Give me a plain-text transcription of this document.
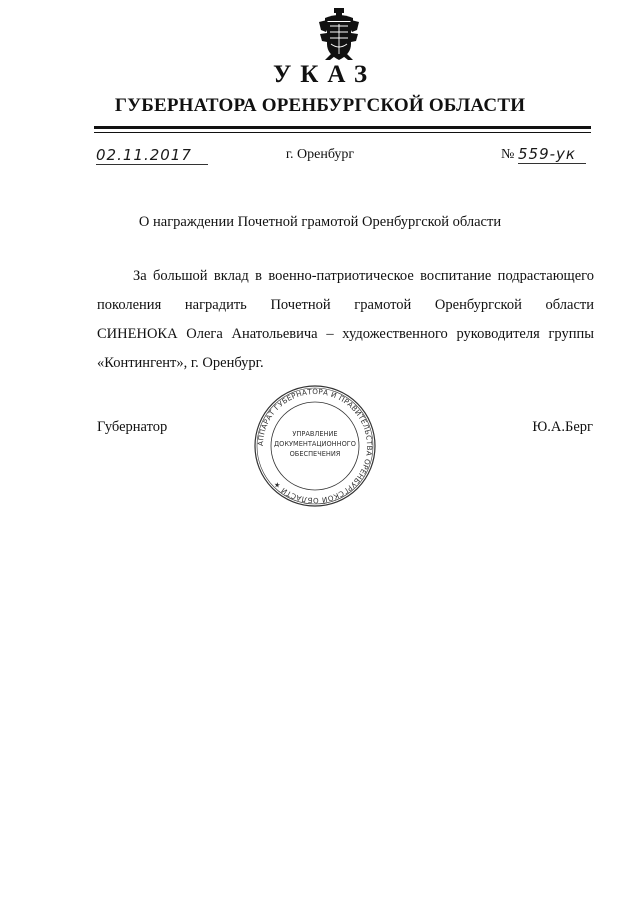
УКАЗ
ГУБЕРНАТОРА ОРЕНБУРГСКОЙ ОБЛАСТИ
02.11.2017	г. Оренбург	№ 559-ук
О награждении Почетной грамотой Оренбургской области
За большой вклад в военно-патриотическое воспитание подрастающего
поколения наградить Почетной грамотой Оренбургской области
СИНЕНОКА Олега Анатольевича – художественного руководителя группы
«Контингент», г. Оренбург.
Губернатор
АППАРАТ ГУБЕРНАТОРА И ПРАВИТЕЛЬСТВА ОРЕНБУРГСКОЙ ОБЛАСТИ ★
УПРАВЛЕНИЕ
ДОКУМЕНТАЦИОННОГО
ОБЕСПЕЧЕНИЯ
Ю.А.Берг
